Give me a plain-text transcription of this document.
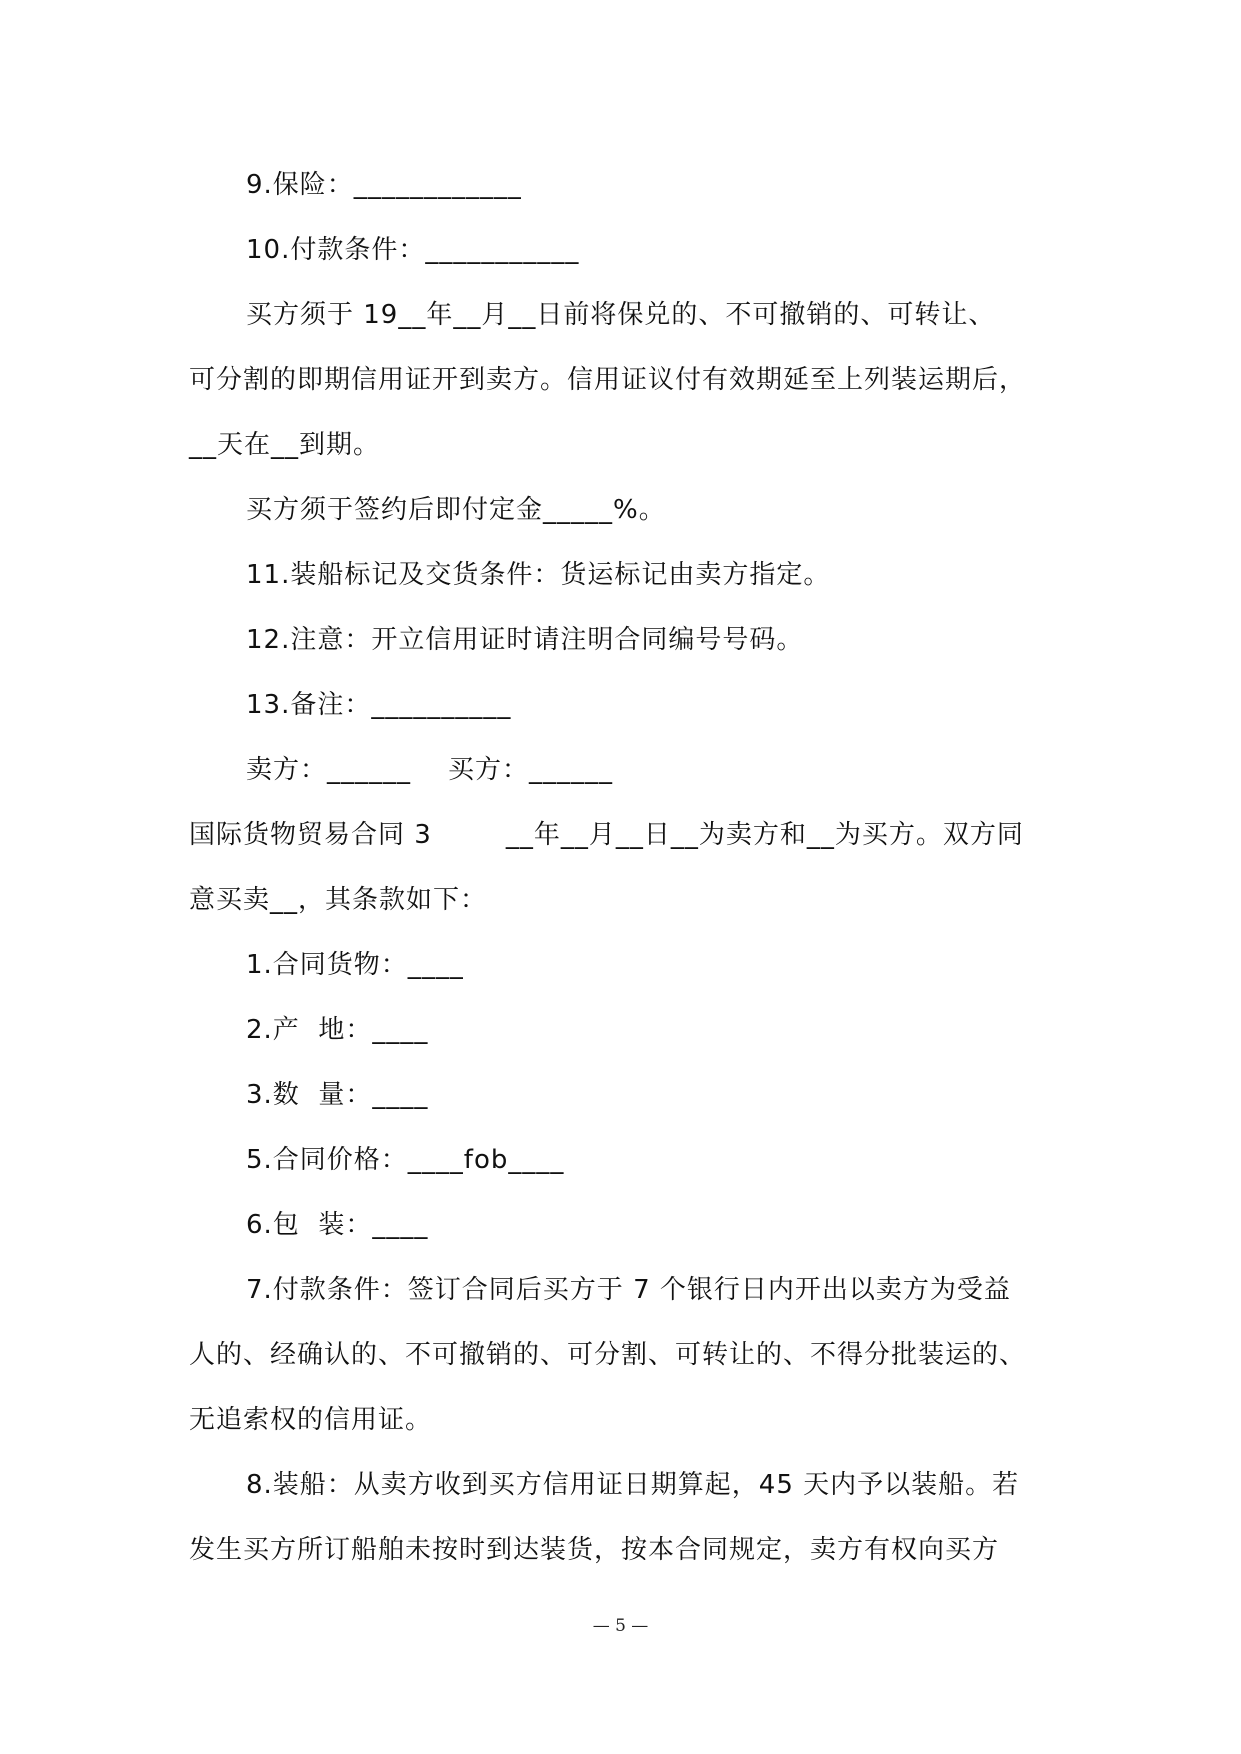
9.保险：____________
10.付款条件：___________
买方须于 19__年__月__日前将保兑的、不可撤销的、可转让、
可分割的即期信用证开到卖方。信用证议付有效期延至上列装运期后，
__天在__到期。
买方须于签约后即付定金_____%。
11.装船标记及交货条件：货运标记由卖方指定。
12.注意：开立信用证时请注明合同编号号码。
13.备注：__________
卖方：______    买方：______
国际货物贸易合同 3        __年__月__日__为卖方和__为买方。双方同
意买卖__，其条款如下：
1.合同货物：____
2.产  地：____
3.数  量：____
5.合同价格：____fob____
6.包  装：____
7.付款条件：签订合同后买方于 7 个银行日内开出以卖方为受益
人的、经确认的、不可撤销的、可分割、可转让的、不得分批装运的、
无追索权的信用证。
8.装船：从卖方收到买方信用证日期算起，45 天内予以装船。若
发生买方所订船舶未按时到达装货，按本合同规定，卖方有权向买方
— 5 —
